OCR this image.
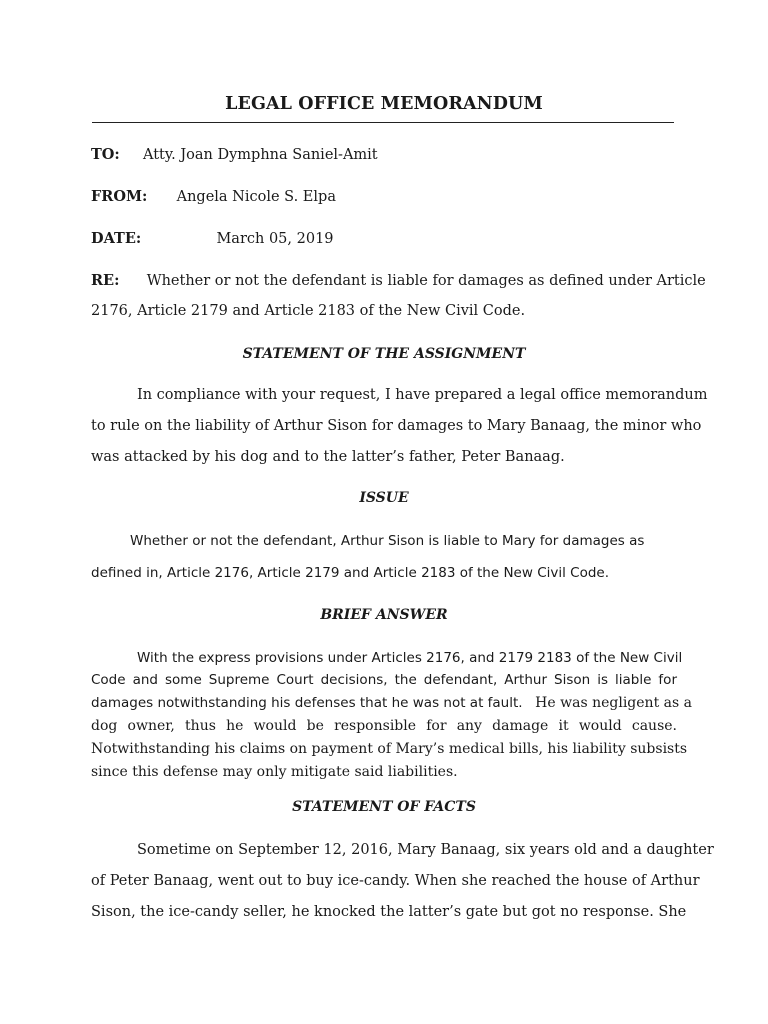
LEGAL OFFICE MEMORANDUM
TO: Atty. Joan Dymphna Saniel-Amit
FROM: Angela Nicole S. Elpa
DATE:	March 05, 2019
RE: Whether or not the defendant is liable for damages as defined under Article
2176, Article 2179 and Article 2183 of the New Civil Code.
STATEMENT OF THE ASSIGNMENT
In compliance with your request, I have prepared a legal office memorandum
to rule on the liability of Arthur Sison for damages to Mary Banaag, the minor who
was attacked by his dog and to the latter’s father, Peter Banaag.
ISSUE
Whether or not the defendant, Arthur Sison is liable to Mary for damages as
defined in, Article 2176, Article 2179 and Article 2183 of the New Civil Code.
BRIEF ANSWER
With the express provisions under Articles 2176, and 2179 2183 of the New Civil
Code and some Supreme Court decisions, the defendant, Arthur Sison is liable for
damages notwithstanding his defenses that he was not at fault. He was negligent as a
dog owner, thus he would be responsible for any damage it would cause.
Notwithstanding his claims on payment of Mary’s medical bills, his liability subsists
since this defense may only mitigate said liabilities.
STATEMENT OF FACTS
Sometime on September 12, 2016, Mary Banaag, six years old and a daughter
of Peter Banaag, went out to buy ice-candy. When she reached the house of Arthur
Sison, the ice-candy seller, he knocked the latter’s gate but got no response. She
